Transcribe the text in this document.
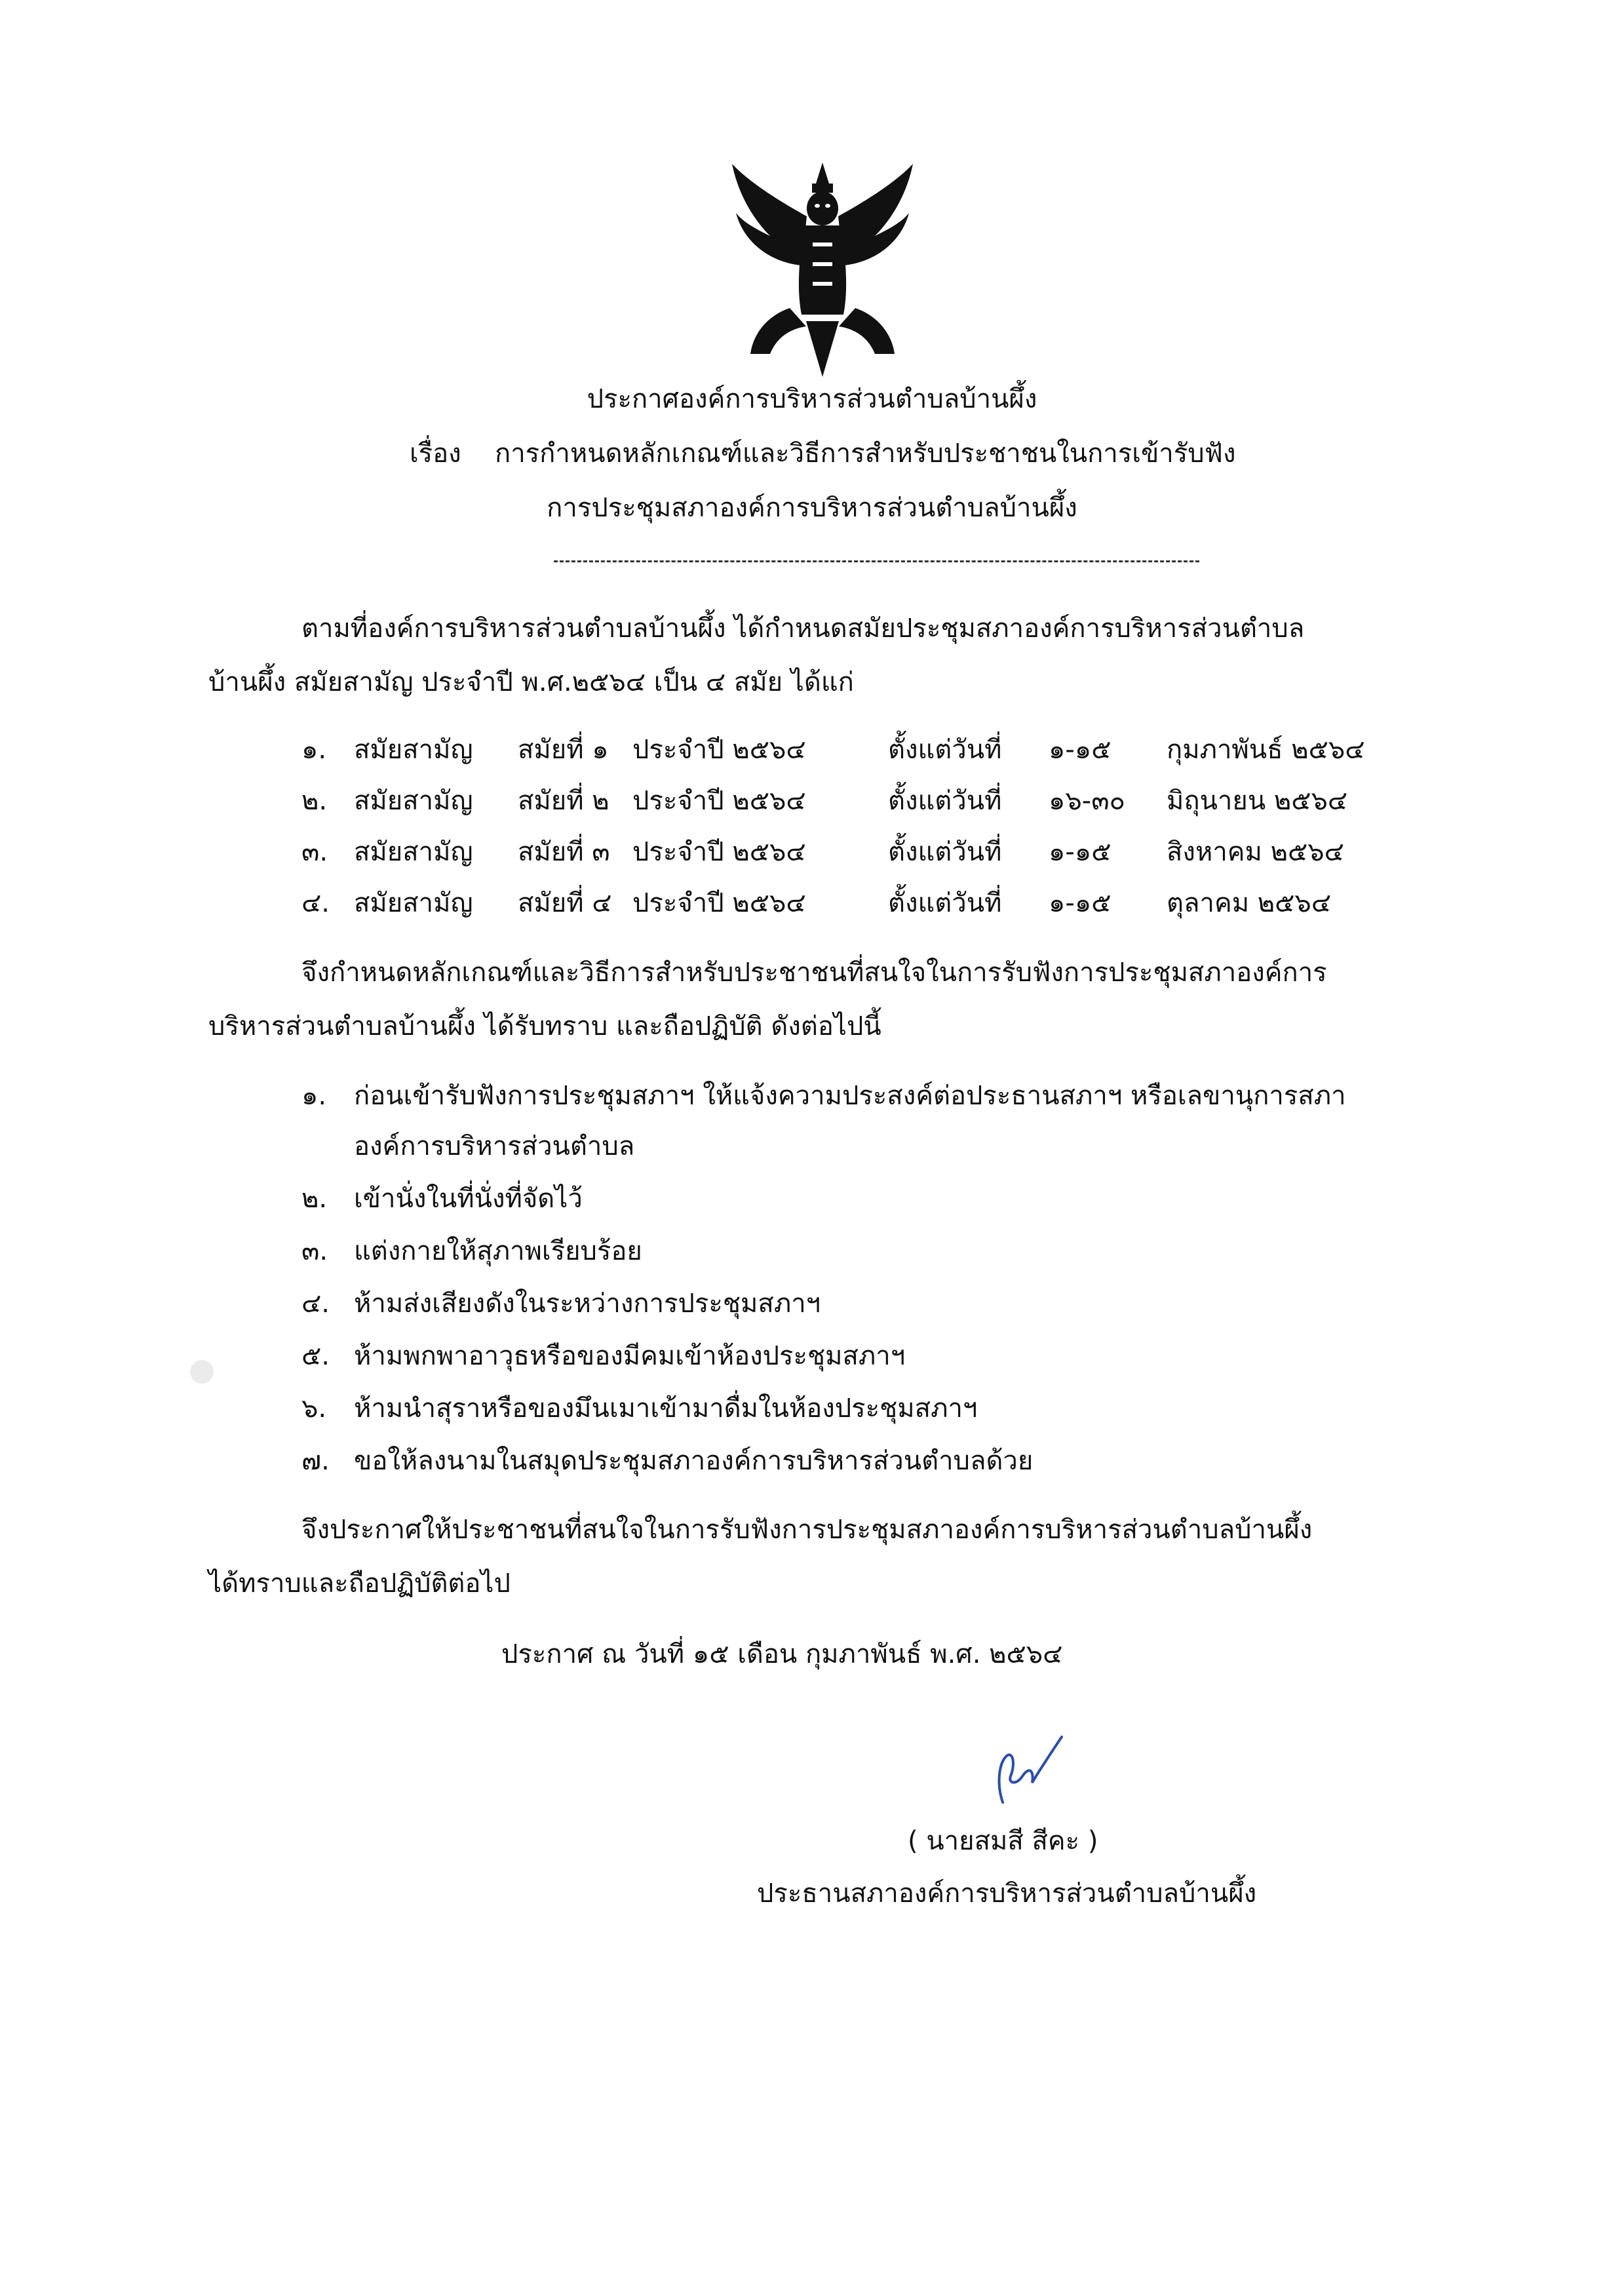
ประกาศองค์การบริหารส่วนตำบลบ้านผึ้ง
เรื่อง การกำหนดหลักเกณฑ์และวิธีการสำหรับประชาชนในการเข้ารับฟัง
การประชุมสภาองค์การบริหารส่วนตำบลบ้านผึ้ง
ตามที่องค์การบริหารส่วนตำบลบ้านผึ้ง ได้กำหนดสมัยประชุมสภาองค์การบริหารส่วนตำบล
บ้านผึ้ง สมัยสามัญ ประจำปี พ.ศ.๒๕๖๔ เป็น ๔ สมัย ได้แก่
๑. สมัยสามัญ สมัยที่ ๑ ประจำปี ๒๕๖๔	ตั้งแต่วันที่ ๑-๑๕ กุมภาพันธ์ ๒๕๖๔
๒. สมัยสามัญ สมัยที่ ๒ ประจำปี ๒๕๖๔	ตั้งแต่วันที่ ๑๖-๓๐ มิถุนายน ๒๕๖๔
๓. สมัยสามัญ สมัยที่ ๓ ประจำปี ๒๕๖๔	ตั้งแต่วันที่ ๑-๑๕ สิงหาคม ๒๕๖๔
๔. สมัยสามัญ สมัยที่ ๔ ประจำปี ๒๕๖๔	ตั้งแต่วันที่ ๑-๑๕ ตุลาคม ๒๕๖๔
จึงกำหนดหลักเกณฑ์และวิธีการสำหรับประชาชนที่สนใจในการรับฟังการประชุมสภาองค์การ
บริหารส่วนตำบลบ้านผึ้ง ได้รับทราบ และถือปฏิบัติ ดังต่อไปนี้
๑. ก่อนเข้ารับฟังการประชุมสภาฯ ให้แจ้งความประสงค์ต่อประธานสภาฯ หรือเลขานุการสภา
องค์การบริหารส่วนตำบล
๒. เข้านั่งในที่นั่งที่จัดไว้
๓. แต่งกายให้สุภาพเรียบร้อย
๔. ห้ามส่งเสียงดังในระหว่างการประชุมสภาฯ
๕. ห้ามพกพาอาวุธหรือของมีคมเข้าห้องประชุมสภาฯ
๖. ห้ามนำสุราหรือของมึนเมาเข้ามาดื่มในห้องประชุมสภาฯ
๗. ขอให้ลงนามในสมุดประชุมสภาองค์การบริหารส่วนตำบลด้วย
จึงประกาศให้ประชาชนที่สนใจในการรับฟังการประชุมสภาองค์การบริหารส่วนตำบลบ้านผึ้ง
ได้ทราบและถือปฏิบัติต่อไป
ประกาศ ณ วันที่ ๑๕ เดือน กุมภาพันธ์ พ.ศ. ๒๕๖๔
( นายสมสี สีคะ )
ประธานสภาองค์การบริหารส่วนตำบลบ้านผึ้ง
